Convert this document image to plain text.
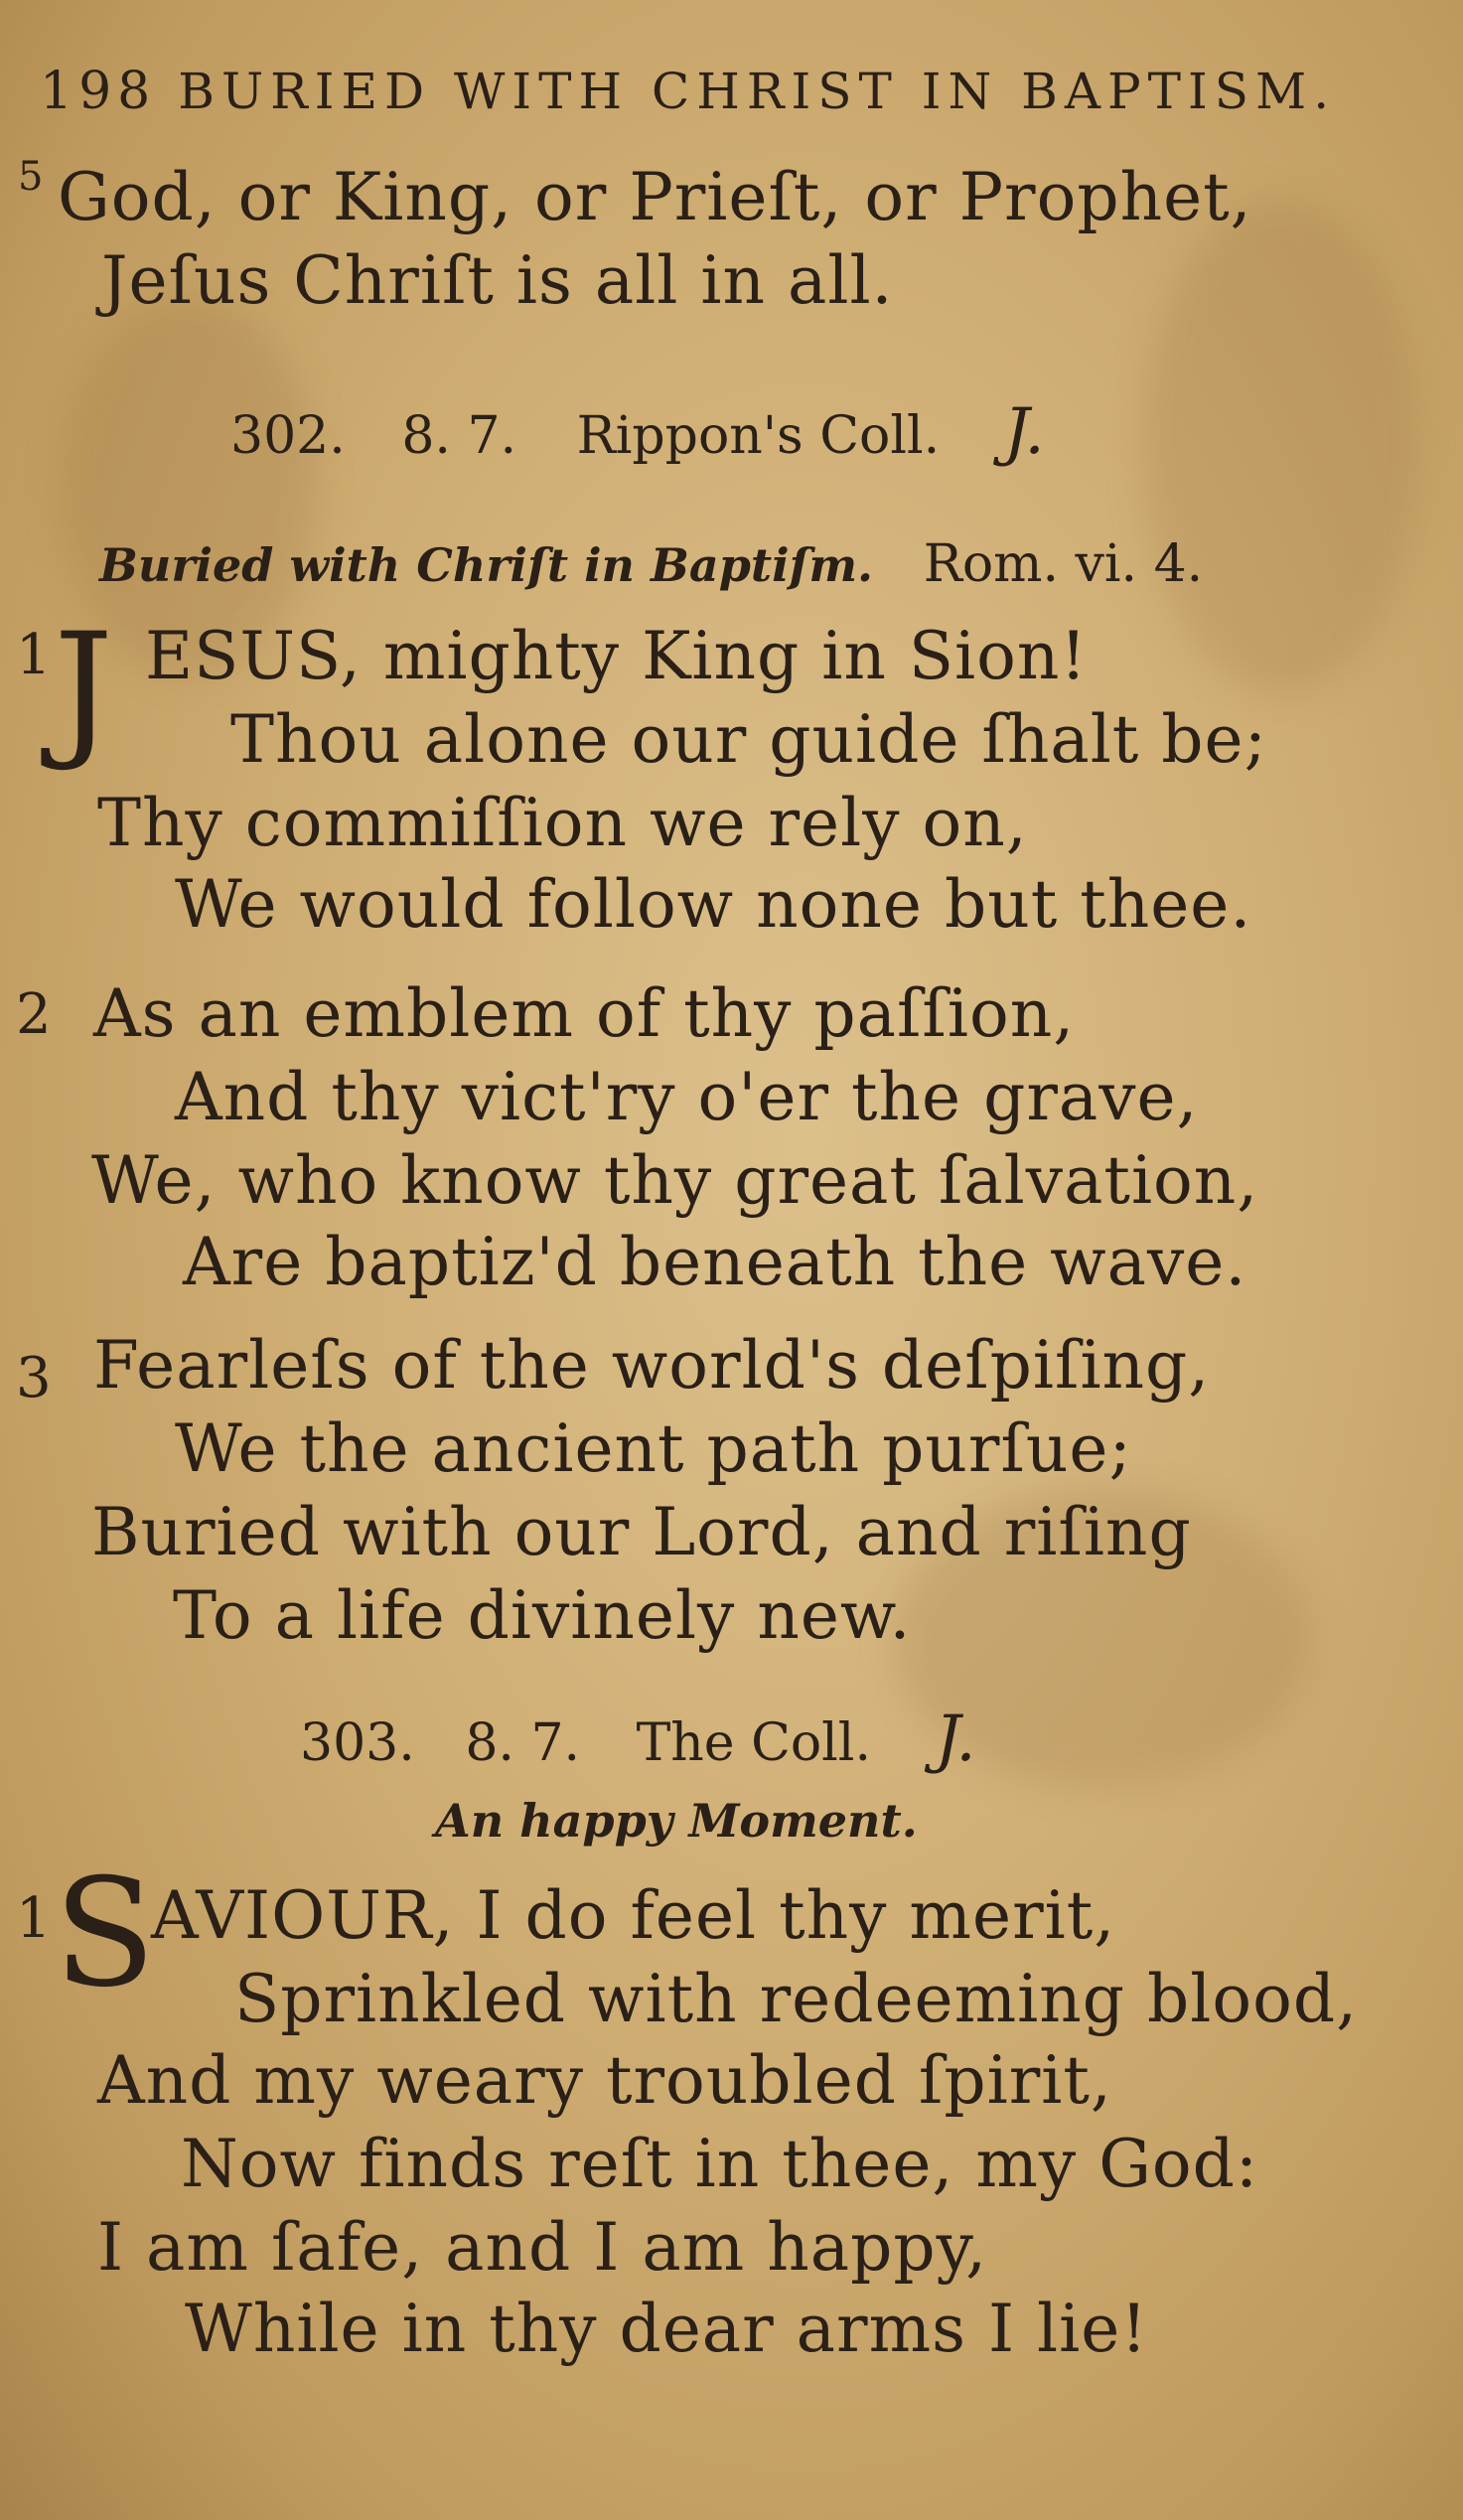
198 BURIED WITH CHRIST IN BAPTISM.
5 God, or King, or Prieſt, or Prophet,
Jeſus Chriſt is all in all.
302. 8. 7. Rippon's Coll. J.
Buried with Chriſt in Baptiſm. Rom. vi. 4.
1 J ESUS, mighty King in Sion!
Thou alone our guide ſhalt be;
Thy commiſſion we rely on,
We would follow none but thee.
2 As an emblem of thy paſſion,
And thy vict'ry o'er the grave,
We, who know thy great ſalvation,
Are baptiz'd beneath the wave.
3 Fearleſs of the world's deſpiſing,
We the ancient path purſue;
Buried with our Lord, and riſing
To a life divinely new.
303. 8. 7. The Coll. J.
An happy Moment.
1 S
AVIOUR, I do feel thy merit,
Sprinkled with redeeming blood,
And my weary troubled ſpirit,
Now finds reſt in thee, my God:
I am ſafe, and I am happy,
While in thy dear arms I lie!
